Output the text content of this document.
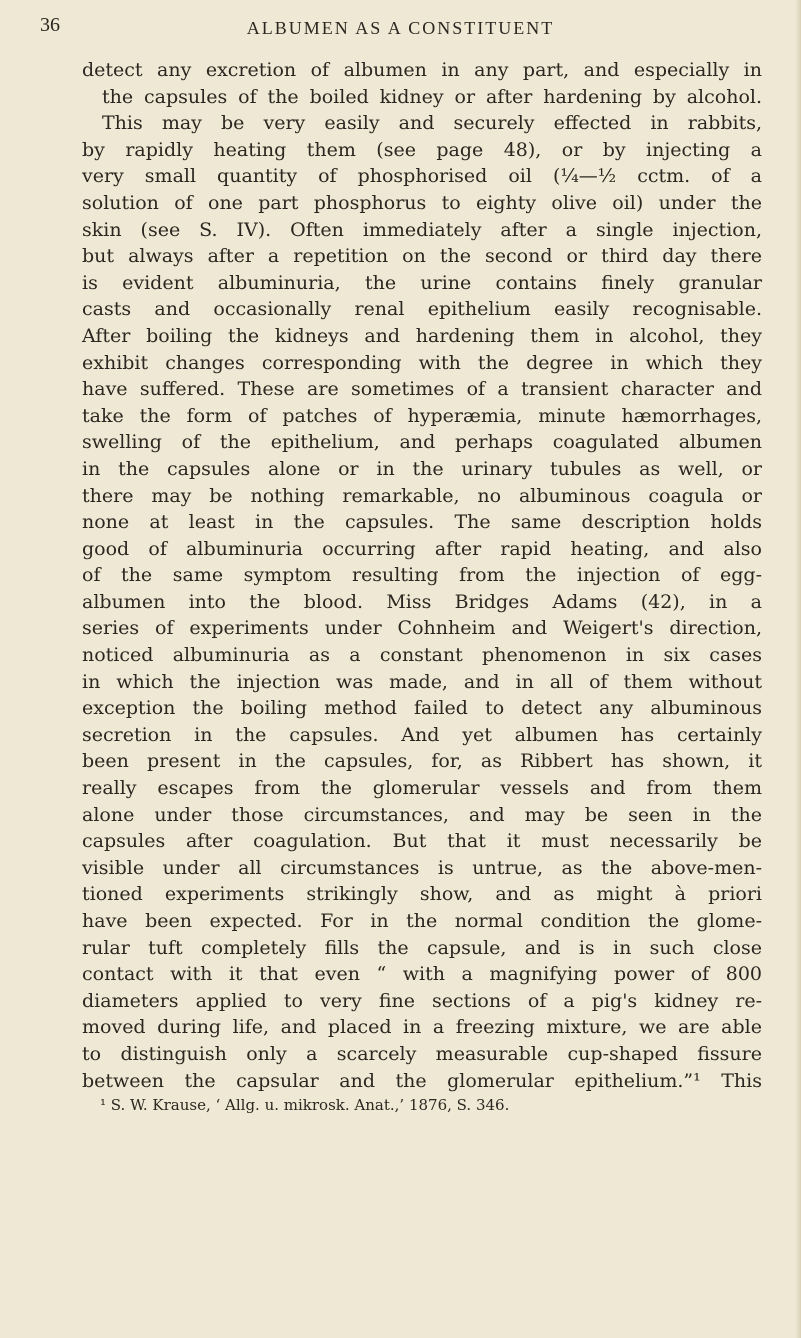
36	ALBUMEN AS A CONSTITUENT
detect any excretion of albumen in any part, and especially in
the capsules of the boiled kidney or after hardening by alcohol.
This may be very easily and securely effected in rabbits,
by rapidly heating them (see page 48), or by injecting a
very small quantity of phosphorised oil (¼—½ cctm. of a
solution of one part phosphorus to eighty olive oil) under the
skin (see S. IV). Often immediately after a single injection,
but always after a repetition on the second or third day there
is evident albuminuria, the urine contains finely granular
casts and occasionally renal epithelium easily recognisable.
After boiling the kidneys and hardening them in alcohol, they
exhibit changes corresponding with the degree in which they
have suffered. These are sometimes of a transient character and
take the form of patches of hyperæmia, minute hæmorrhages,
swelling of the epithelium, and perhaps coagulated albumen
in the capsules alone or in the urinary tubules as well, or
there may be nothing remarkable, no albuminous coagula or
none at least in the capsules. The same description holds
good of albuminuria occurring after rapid heating, and also
of the same symptom resulting from the injection of egg-
albumen into the blood. Miss Bridges Adams (42), in a
series of experiments under Cohnheim and Weigert's direction,
noticed albuminuria as a constant phenomenon in six cases
in which the injection was made, and in all of them without
exception the boiling method failed to detect any albuminous
secretion in the capsules. And yet albumen has certainly
been present in the capsules, for, as Ribbert has shown, it
really escapes from the glomerular vessels and from them
alone under those circumstances, and may be seen in the
capsules after coagulation. But that it must necessarily be
visible under all circumstances is untrue, as the above-men-
tioned experiments strikingly show, and as might à priori
have been expected. For in the normal condition the glome-
rular tuft completely fills the capsule, and is in such close
contact with it that even “ with a magnifying power of 800
diameters applied to very fine sections of a pig's kidney re-
moved during life, and placed in a freezing mixture, we are able
to distinguish only a scarcely measurable cup-shaped fissure
between the capsular and the glomerular epithelium.”¹ This
¹ S. W. Krause, ‘ Allg. u. mikrosk. Anat.,’ 1876, S. 346.
